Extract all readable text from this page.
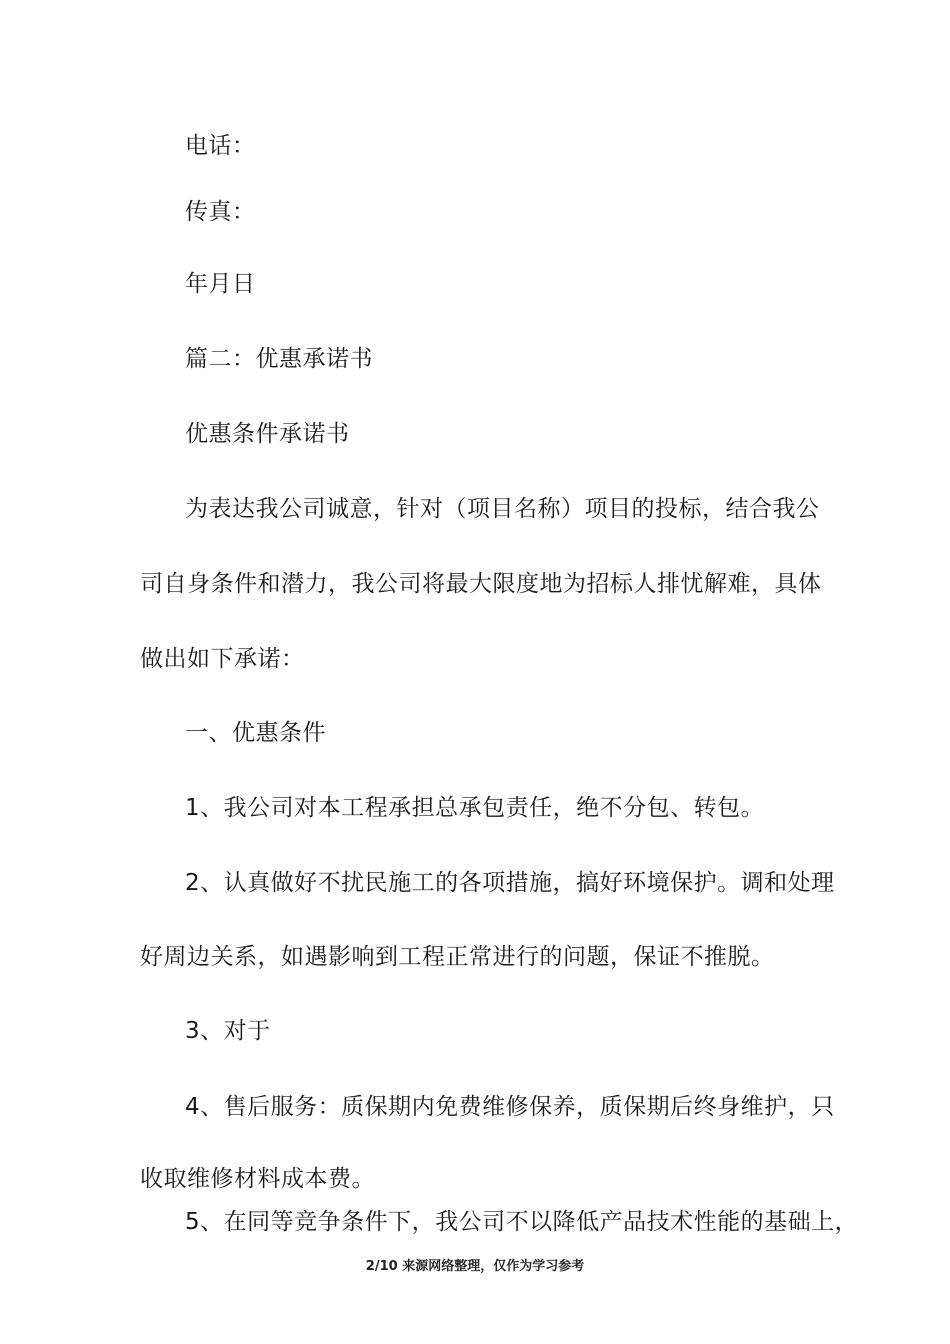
电话：
传真：
年月日
篇二：优惠承诺书
优惠条件承诺书
为表达我公司诚意，针对（项目名称）项目的投标，结合我公
司自身条件和潜力，我公司将最大限度地为招标人排忧解难，具体
做出如下承诺：
一、优惠条件
1、我公司对本工程承担总承包责任，绝不分包、转包。
2、认真做好不扰民施工的各项措施，搞好环境保护。调和处理
好周边关系，如遇影响到工程正常进行的问题，保证不推脱。
3、对于
4、售后服务：质保期内免费维修保养，质保期后终身维护，只
收取维修材料成本费。
5、在同等竞争条件下，我公司不以降低产品技术性能的基础上，
2/10 来源网络整理，仅作为学习参考
